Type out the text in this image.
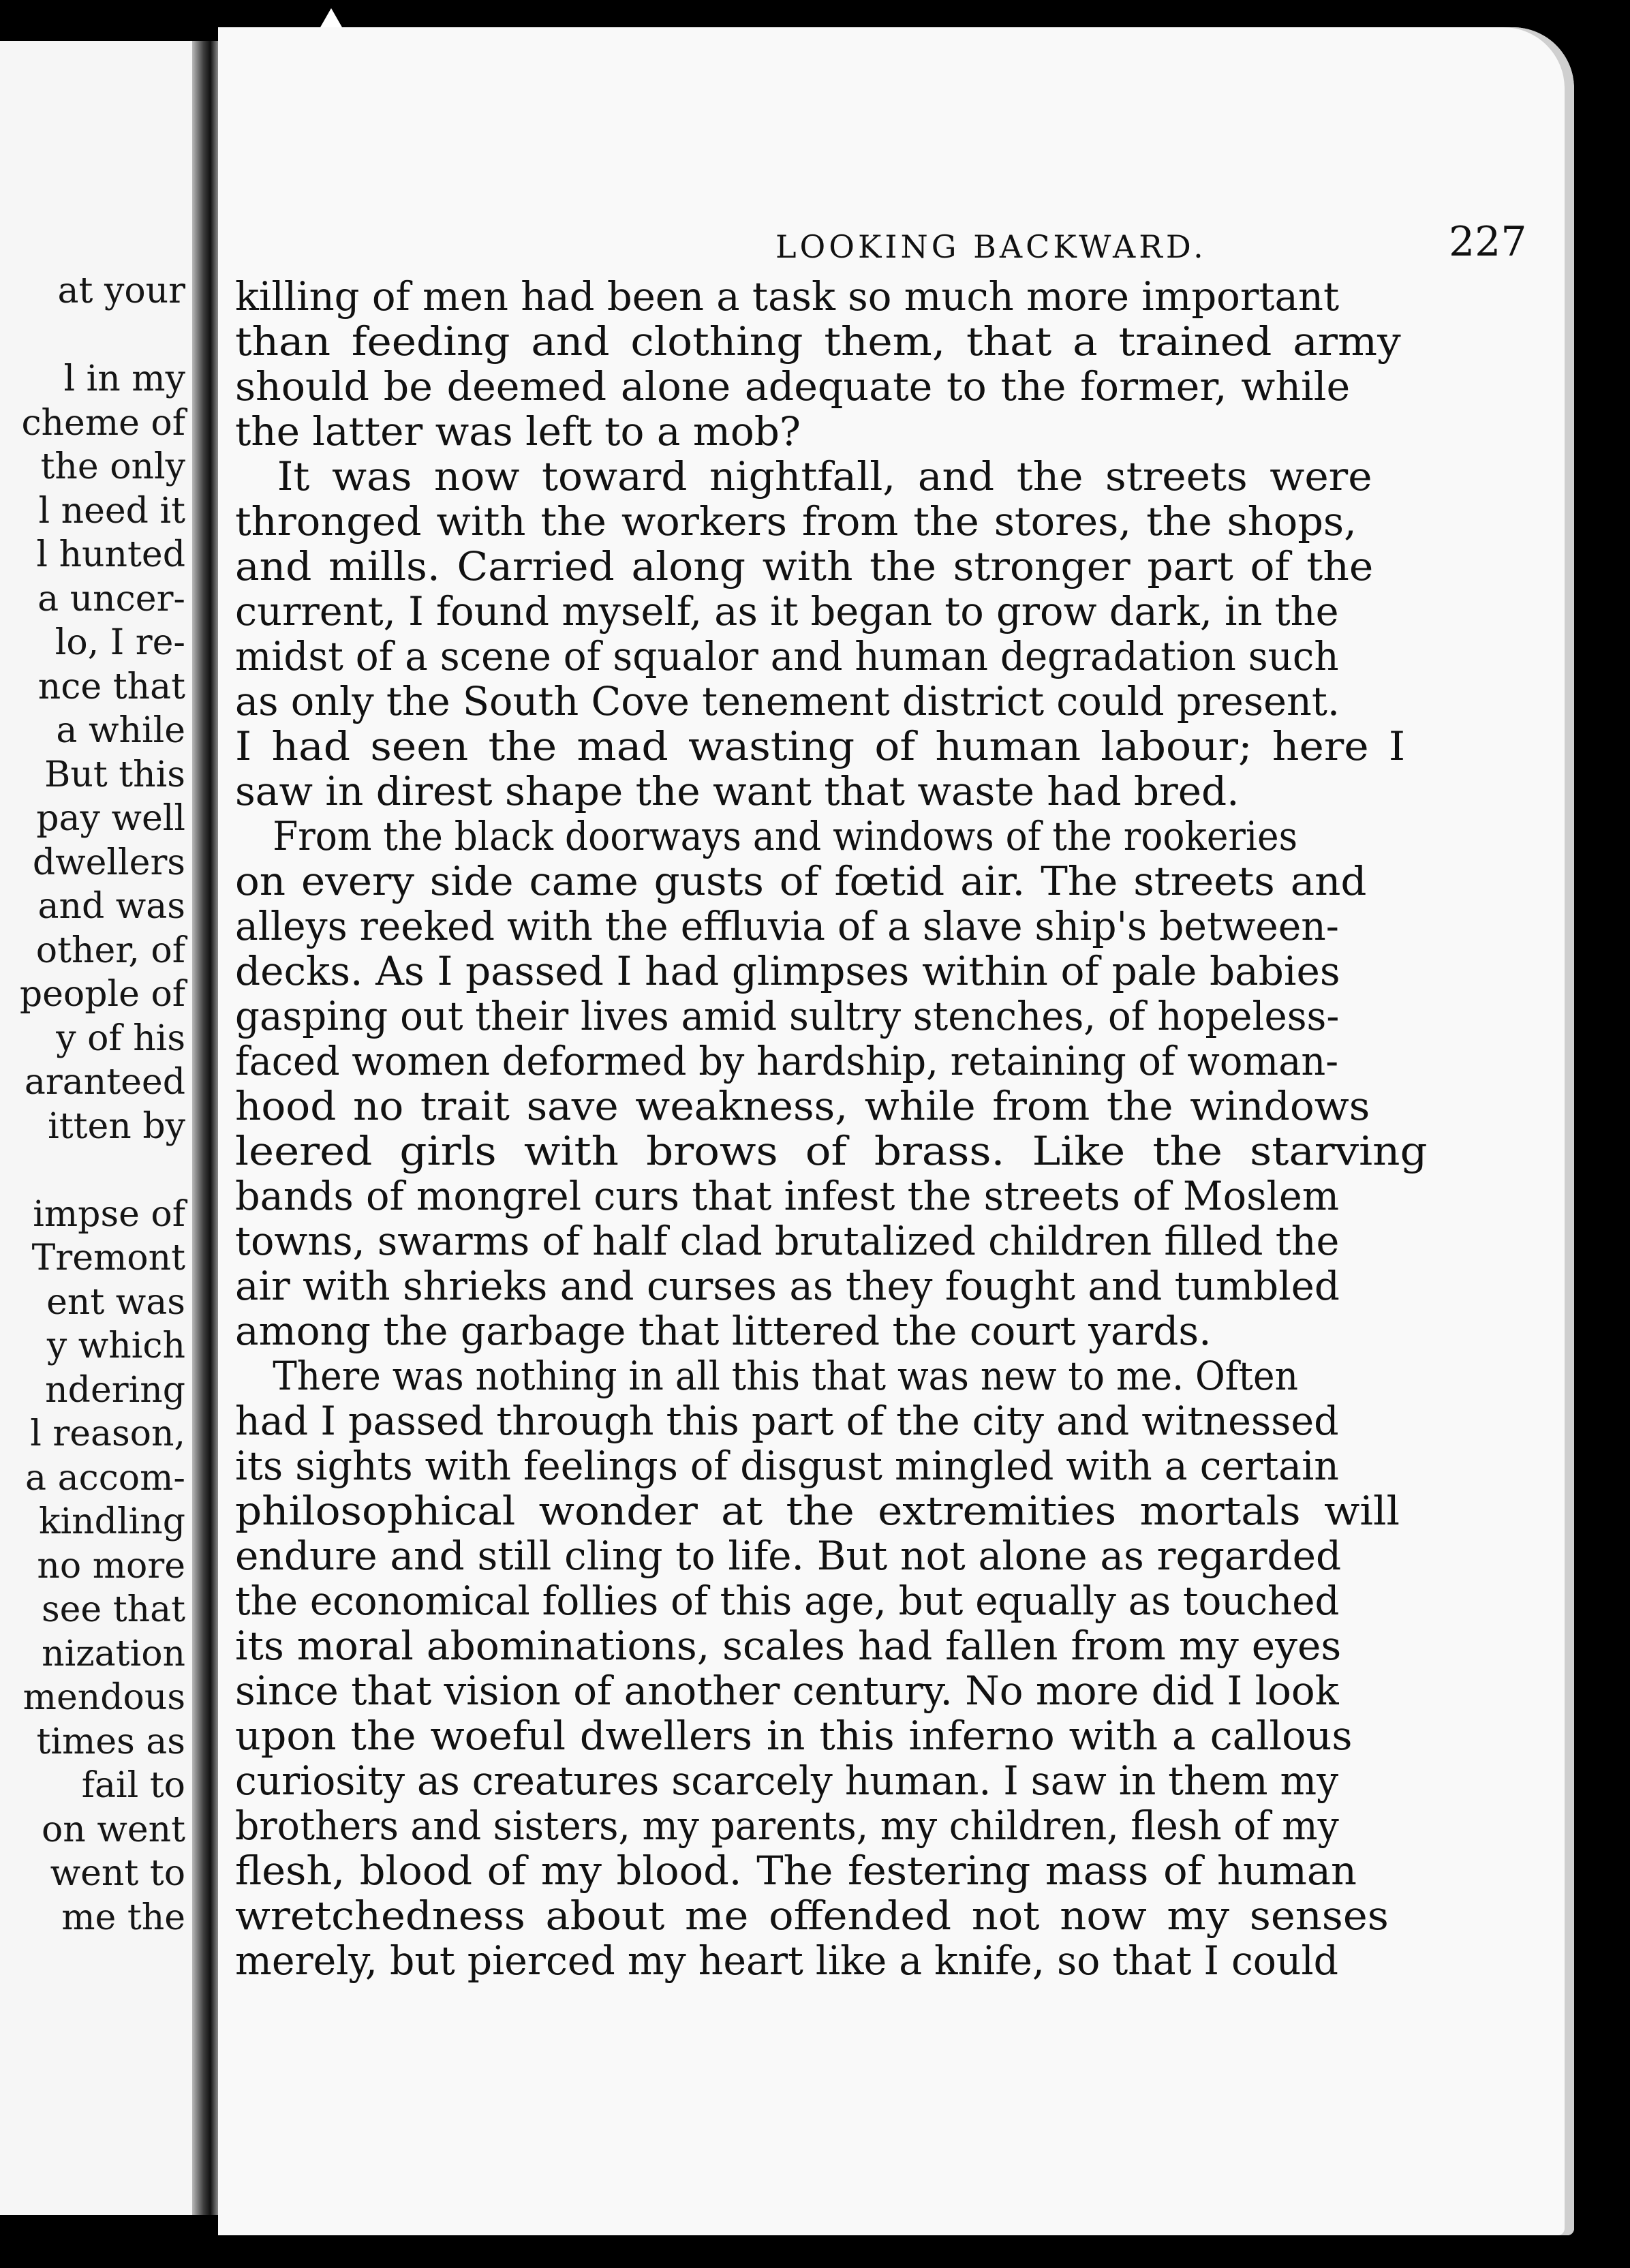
at your
l in my
cheme of
the only
l need it
l hunted
a uncer-
lo, I re-
nce that
a while
But this
pay well
dwellers
and was
other, of
people of
y of his
aranteed
itten by
impse of
Tremont
ent was
y which
ndering
l reason,
a accom-
kindling
no more
see that
nization
mendous
times as
fail to
on went
went to
me the
LOOKING BACKWARD.	227
killing of men had been a task so much more important
than feeding and clothing them, that a trained army
should be deemed alone adequate to the former, while
the latter was left to a mob?
It was now toward nightfall, and the streets were
thronged with the workers from the stores, the shops,
and mills. Carried along with the stronger part of the
current, I found myself, as it began to grow dark, in the
midst of a scene of squalor and human degradation such
as only the South Cove tenement district could present.
I had seen the mad wasting of human labour; here I
saw in direst shape the want that waste had bred.
From the black doorways and windows of the rookeries
on every side came gusts of fœtid air. The streets and
alleys reeked with the effluvia of a slave ship's between-
decks. As I passed I had glimpses within of pale babies
gasping out their lives amid sultry stenches, of hopeless-
faced women deformed by hardship, retaining of woman-
hood no trait save weakness, while from the windows
leered girls with brows of brass. Like the starving
bands of mongrel curs that infest the streets of Moslem
towns, swarms of half clad brutalized children filled the
air with shrieks and curses as they fought and tumbled
among the garbage that littered the court yards.
There was nothing in all this that was new to me. Often
had I passed through this part of the city and witnessed
its sights with feelings of disgust mingled with a certain
philosophical wonder at the extremities mortals will
endure and still cling to life. But not alone as regarded
the economical follies of this age, but equally as touched
its moral abominations, scales had fallen from my eyes
since that vision of another century. No more did I look
upon the woeful dwellers in this inferno with a callous
curiosity as creatures scarcely human. I saw in them my
brothers and sisters, my parents, my children, flesh of my
flesh, blood of my blood. The festering mass of human
wretchedness about me offended not now my senses
merely, but pierced my heart like a knife, so that I could
